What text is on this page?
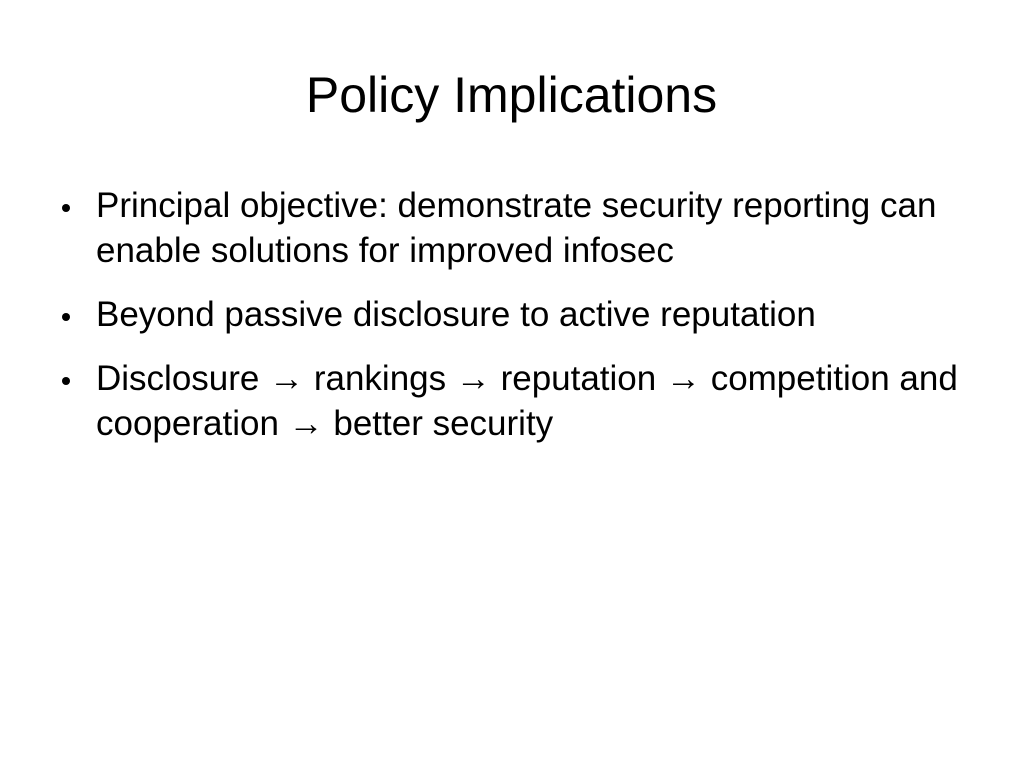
Policy Implications
Principal objective: demonstrate security reporting can enable solutions for improved infosec
Beyond passive disclosure to active reputation
Disclosure → rankings → reputation → competition and cooperation → better security
